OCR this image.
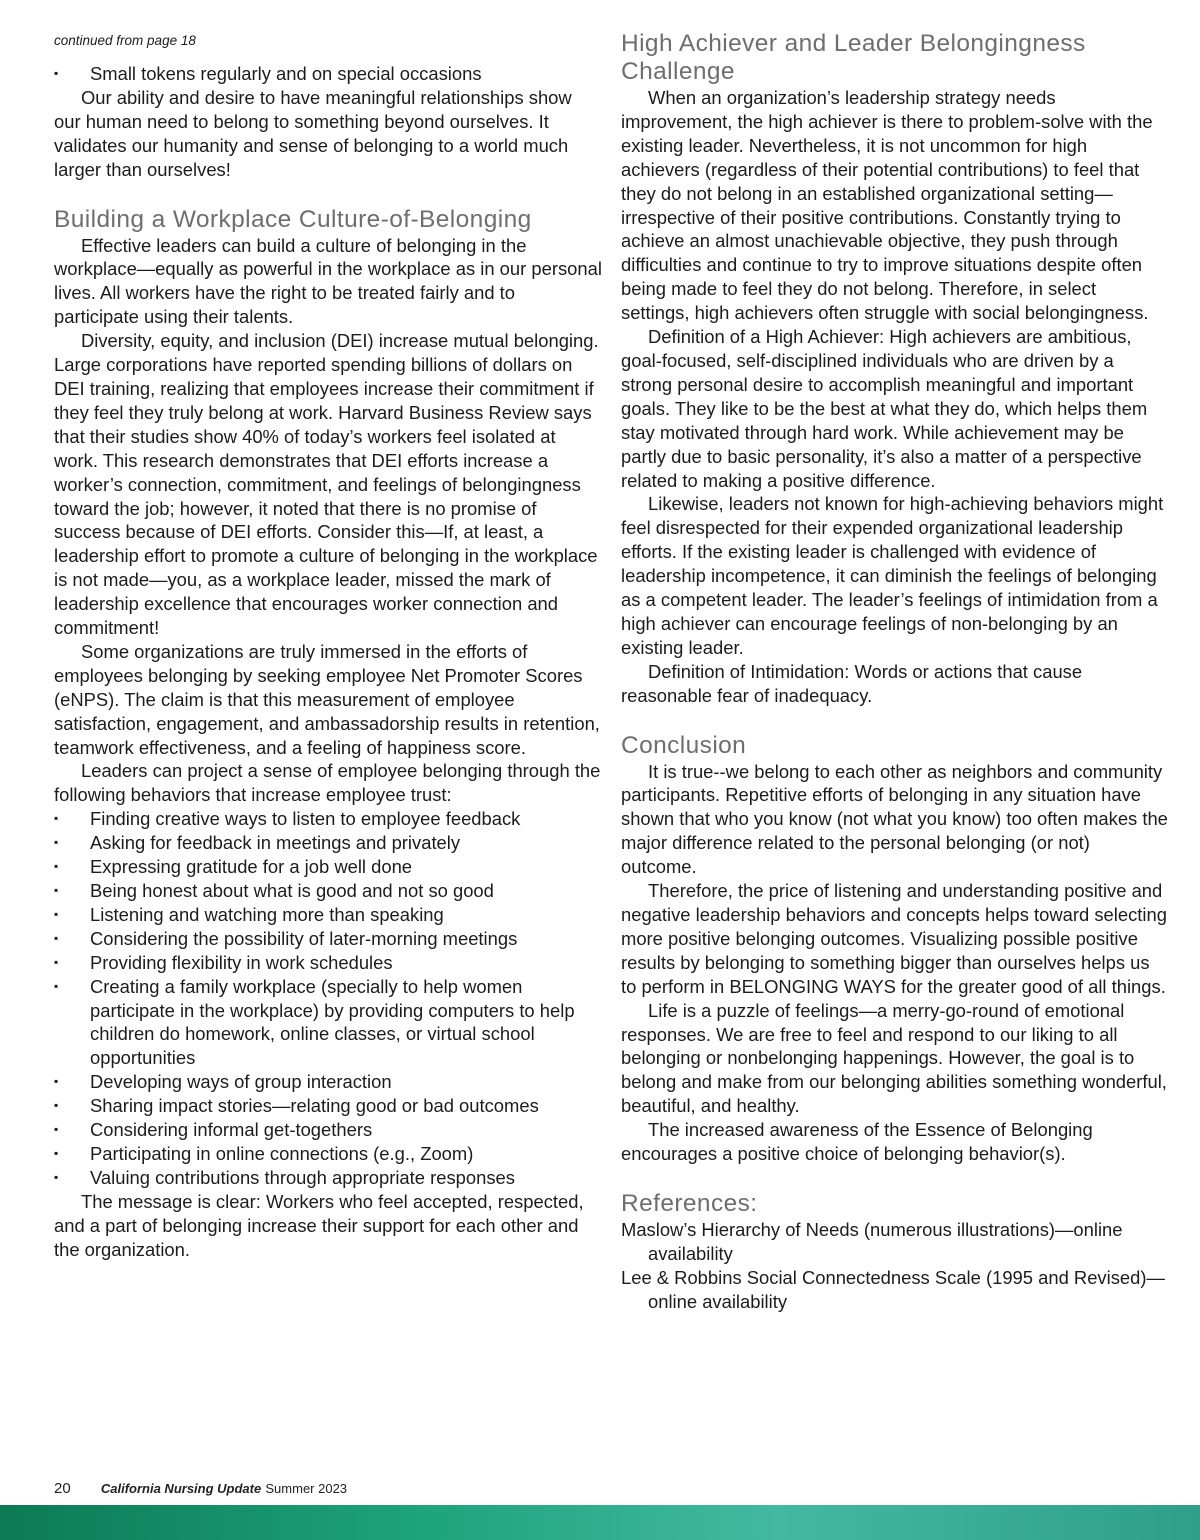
continued from page 18

▪ Small tokens regularly and on special occasions

Our ability and desire to have meaningful relationships show our human need to belong to something beyond ourselves. It validates our humanity and sense of belonging to a world much larger than ourselves!

Building a Workplace Culture-of-Belonging

Effective leaders can build a culture of belonging in the workplace—equally as powerful in the workplace as in our personal lives. All workers have the right to be treated fairly and to participate using their talents.

Diversity, equity, and inclusion (DEI) increase mutual belonging. Large corporations have reported spending billions of dollars on DEI training, realizing that employees increase their commitment if they feel they truly belong at work. Harvard Business Review says that their studies show 40% of today’s workers feel isolated at work. This research demonstrates that DEI efforts increase a worker’s connection, commitment, and feelings of belongingness toward the job; however, it noted that there is no promise of success because of DEI efforts. Consider this—If, at least, a leadership effort to promote a culture of belonging in the workplace is not made—you, as a workplace leader, missed the mark of leadership excellence that encourages worker connection and commitment!

Some organizations are truly immersed in the efforts of employees belonging by seeking employee Net Promoter Scores (eNPS). The claim is that this measurement of employee satisfaction, engagement, and ambassadorship results in retention, teamwork effectiveness, and a feeling of happiness score.

Leaders can project a sense of employee belonging through the following behaviors that increase employee trust:

▪ Finding creative ways to listen to employee feedback
▪ Asking for feedback in meetings and privately
▪ Expressing gratitude for a job well done
▪ Being honest about what is good and not so good
▪ Listening and watching more than speaking
▪ Considering the possibility of later-morning meetings
▪ Providing flexibility in work schedules
▪ Creating a family workplace (specially to help women participate in the workplace) by providing computers to help children do homework, online classes, or virtual school opportunities
▪ Developing ways of group interaction
▪ Sharing impact stories—relating good or bad outcomes
▪ Considering informal get-togethers
▪ Participating in online connections (e.g., Zoom)
▪ Valuing contributions through appropriate responses

The message is clear: Workers who feel accepted, respected, and a part of belonging increase their support for each other and the organization.

High Achiever and Leader Belongingness Challenge

When an organization’s leadership strategy needs improvement, the high achiever is there to problem-solve with the existing leader. Nevertheless, it is not uncommon for high achievers (regardless of their potential contributions) to feel that they do not belong in an established organizational setting—irrespective of their positive contributions. Constantly trying to achieve an almost unachievable objective, they push through difficulties and continue to try to improve situations despite often being made to feel they do not belong. Therefore, in select settings, high achievers often struggle with social belongingness.

Definition of a High Achiever: High achievers are ambitious, goal-focused, self-disciplined individuals who are driven by a strong personal desire to accomplish meaningful and important goals. They like to be the best at what they do, which helps them stay motivated through hard work. While achievement may be partly due to basic personality, it’s also a matter of a perspective related to making a positive difference.

Likewise, leaders not known for high-achieving behaviors might feel disrespected for their expended organizational leadership efforts. If the existing leader is challenged with evidence of leadership incompetence, it can diminish the feelings of belonging as a competent leader. The leader’s feelings of intimidation from a high achiever can encourage feelings of non-belonging by an existing leader.

Definition of Intimidation: Words or actions that cause reasonable fear of inadequacy.

Conclusion

It is true--we belong to each other as neighbors and community participants. Repetitive efforts of belonging in any situation have shown that who you know (not what you know) too often makes the major difference related to the personal belonging (or not) outcome.

Therefore, the price of listening and understanding positive and negative leadership behaviors and concepts helps toward selecting more positive belonging outcomes. Visualizing possible positive results by belonging to something bigger than ourselves helps us to perform in BELONGING WAYS for the greater good of all things.

Life is a puzzle of feelings—a merry-go-round of emotional responses. We are free to feel and respond to our liking to all belonging or nonbelonging happenings. However, the goal is to belong and make from our belonging abilities something wonderful, beautiful, and healthy.

The increased awareness of the Essence of Belonging encourages a positive choice of belonging behavior(s).

References:

Maslow’s Hierarchy of Needs (numerous illustrations)—online availability

Lee & Robbins Social Connectedness Scale (1995 and Revised)—online availability

20 California Nursing Update Summer 2023
